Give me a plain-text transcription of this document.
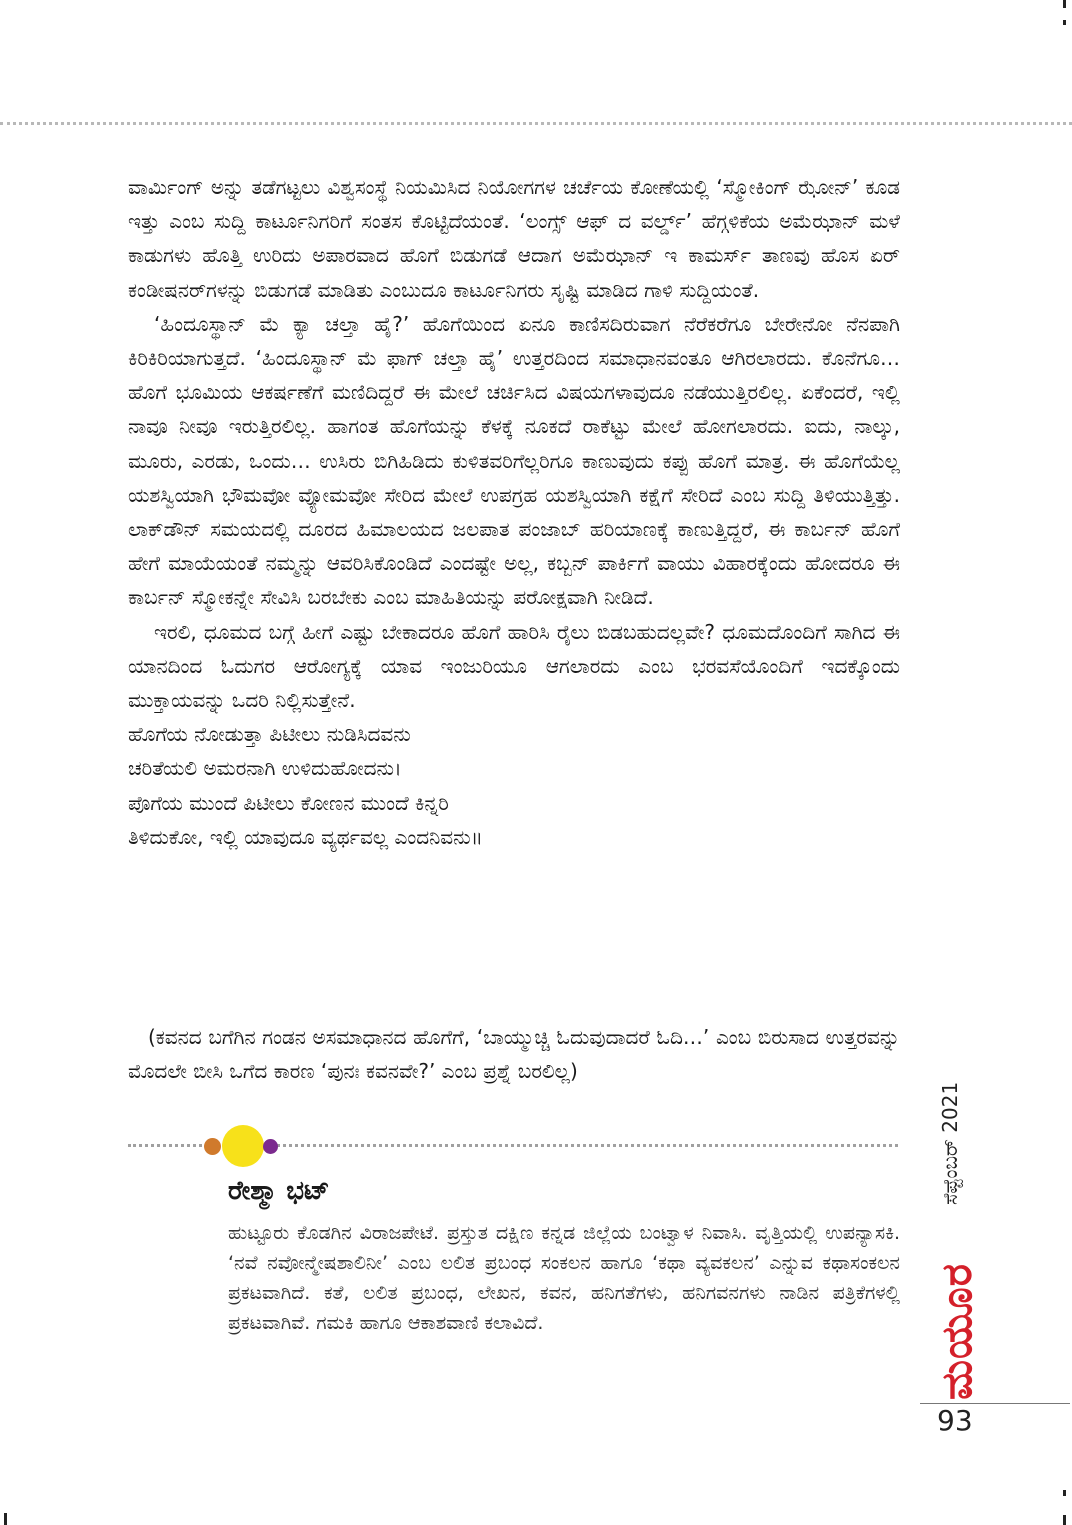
ವಾರ್ಮಿಂಗ್ ಅನ್ನು ತಡೆಗಟ್ಟಲು ವಿಶ್ವಸಂಸ್ಥೆ ನಿಯಮಿಸಿದ ನಿಯೋಗಗಳ ಚರ್ಚೆಯ ಕೋಣೆಯಲ್ಲಿ ‘ಸ್ಮೋಕಿಂಗ್ ಝೋನ್’ ಕೂಡ ಇತ್ತು ಎಂಬ ಸುದ್ದಿ ಕಾರ್ಟೂನಿಗರಿಗೆ ಸಂತಸ ಕೊಟ್ಟಿದೆಯಂತೆ. ‘ಲಂಗ್ಸ್ ಆಫ್ ದ ವರ್ಲ್ಡ್’ ಹೆಗ್ಗಳಿಕೆಯ ಅಮೆಝಾನ್ ಮಳೆ ಕಾಡುಗಳು ಹೊತ್ತಿ ಉರಿದು ಅಪಾರವಾದ ಹೊಗೆ ಬಿಡುಗಡೆ ಆದಾಗ ಅಮೆಝಾನ್ ಇ ಕಾಮರ್ಸ್ ತಾಣವು ಹೊಸ ಏರ್ ಕಂಡೀಷನರ್‌ಗಳನ್ನು ಬಿಡುಗಡೆ ಮಾಡಿತು ಎಂಬುದೂ ಕಾರ್ಟೂನಿಗರು ಸೃಷ್ಟಿ ಮಾಡಿದ ಗಾಳಿ ಸುದ್ದಿಯಂತೆ.

‘ಹಿಂದೂಸ್ಥಾನ್ ಮೆ ಕ್ಯಾ ಚಲ್ತಾ ಹೈ?’ ಹೊಗೆಯಿಂದ ಏನೂ ಕಾಣಿಸದಿರುವಾಗ ನೆರೆಕರೆಗೂ ಬೇರೇನೋ ನೆನಪಾಗಿ ಕಿರಿಕಿರಿಯಾಗುತ್ತದೆ. ‘ಹಿಂದೂಸ್ಥಾನ್ ಮೆ ಫಾಗ್ ಚಲ್ತಾ ಹೈ’ ಉತ್ತರದಿಂದ ಸಮಾಧಾನವಂತೂ ಆಗಿರಲಾರದು. ಕೊನೆಗೂ… ಹೊಗೆ ಭೂಮಿಯ ಆಕರ್ಷಣೆಗೆ ಮಣಿದಿದ್ದರೆ ಈ ಮೇಲೆ ಚರ್ಚಿಸಿದ ವಿಷಯಗಳಾವುದೂ ನಡೆಯುತ್ತಿರಲಿಲ್ಲ. ಏಕೆಂದರೆ, ಇಲ್ಲಿ ನಾವೂ ನೀವೂ ಇರುತ್ತಿರಲಿಲ್ಲ. ಹಾಗಂತ ಹೊಗೆಯನ್ನು ಕೆಳಕ್ಕೆ ನೂಕದೆ ರಾಕೆಟ್ಟು ಮೇಲೆ ಹೋಗಲಾರದು. ಐದು, ನಾಲ್ಕು, ಮೂರು, ಎರಡು, ಒಂದು… ಉಸಿರು ಬಿಗಿಹಿಡಿದು ಕುಳಿತವರಿಗೆಲ್ಲರಿಗೂ ಕಾಣುವುದು ಕಪ್ಪು ಹೊಗೆ ಮಾತ್ರ. ಈ ಹೊಗೆಯೆಲ್ಲ ಯಶಸ್ವಿಯಾಗಿ ಭೌಮವೋ ವ್ಯೋಮವೋ ಸೇರಿದ ಮೇಲೆ ಉಪಗ್ರಹ ಯಶಸ್ವಿಯಾಗಿ ಕಕ್ಷೆಗೆ ಸೇರಿದೆ ಎಂಬ ಸುದ್ದಿ ತಿಳಿಯುತ್ತಿತ್ತು. ಲಾಕ್‌ಡೌನ್ ಸಮಯದಲ್ಲಿ ದೂರದ ಹಿಮಾಲಯದ ಜಲಪಾತ ಪಂಜಾಬ್ ಹರಿಯಾಣಕ್ಕೆ ಕಾಣುತ್ತಿದ್ದರೆ, ಈ ಕಾರ್ಬನ್ ಹೊಗೆ ಹೇಗೆ ಮಾಯೆಯಂತೆ ನಮ್ಮನ್ನು ಆವರಿಸಿಕೊಂಡಿದೆ ಎಂದಷ್ಟೇ ಅಲ್ಲ, ಕಬ್ಬನ್ ಪಾರ್ಕಿಗೆ ವಾಯು ವಿಹಾರಕ್ಕೆಂದು ಹೋದರೂ ಈ ಕಾರ್ಬನ್ ಸ್ಮೋಕನ್ನೇ ಸೇವಿಸಿ ಬರಬೇಕು ಎಂಬ ಮಾಹಿತಿಯನ್ನು ಪರೋಕ್ಷವಾಗಿ ನೀಡಿದೆ.

ಇರಲಿ, ಧೂಮದ ಬಗ್ಗೆ ಹೀಗೆ ಎಷ್ಟು ಬೇಕಾದರೂ ಹೊಗೆ ಹಾರಿಸಿ ರೈಲು ಬಿಡಬಹುದಲ್ಲವೇ? ಧೂಮದೊಂದಿಗೆ ಸಾಗಿದ ಈ ಯಾನದಿಂದ ಓದುಗರ ಆರೋಗ್ಯಕ್ಕೆ ಯಾವ ಇಂಜುರಿಯೂ ಆಗಲಾರದು ಎಂಬ ಭರವಸೆಯೊಂದಿಗೆ ಇದಕ್ಕೊಂದು ಮುಕ್ತಾಯವನ್ನು ಒದರಿ ನಿಲ್ಲಿಸುತ್ತೇನೆ.

ಹೊಗೆಯ ನೋಡುತ್ತಾ ಪಿಟೀಲು ನುಡಿಸಿದವನು
ಚರಿತೆಯಲಿ ಅಮರನಾಗಿ ಉಳಿದುಹೋದನು।
ಪೊಗೆಯ ಮುಂದೆ ಪಿಟೀಲು ಕೋಣನ ಮುಂದೆ ಕಿನ್ನರಿ
ತಿಳಿದುಕೋ, ಇಲ್ಲಿ ಯಾವುದೂ ವ್ಯರ್ಥವಲ್ಲ ಎಂದನಿವನು॥

(ಕವನದ ಬಗೆಗಿನ ಗಂಡನ ಅಸಮಾಧಾನದ ಹೊಗೆಗೆ, ‘ಬಾಯ್ಮುಚ್ಚಿ ಓದುವುದಾದರೆ ಓದಿ…’ ಎಂಬ ಬಿರುಸಾದ ಉತ್ತರವನ್ನು ಮೊದಲೇ ಬೀಸಿ ಒಗೆದ ಕಾರಣ ‘ಪುನಃ ಕವನವೇ?’ ಎಂಬ ಪ್ರಶ್ನೆ ಬರಲಿಲ್ಲ)

ರೇಶ್ಮಾ ಭಟ್

ಹುಟ್ಟೂರು ಕೊಡಗಿನ ವಿರಾಜಪೇಟೆ. ಪ್ರಸ್ತುತ ದಕ್ಷಿಣ ಕನ್ನಡ ಜಿಲ್ಲೆಯ ಬಂಟ್ವಾಳ ನಿವಾಸಿ. ವೃತ್ತಿಯಲ್ಲಿ ಉಪನ್ಯಾಸಕಿ. ‘ನವೆ ನವೋನ್ಮೇಷಶಾಲಿನೀ’ ಎಂಬ ಲಲಿತ ಪ್ರಬಂಧ ಸಂಕಲನ ಹಾಗೂ ‘ಕಥಾ ವ್ಯವಕಲನ’ ಎನ್ನುವ ಕಥಾಸಂಕಲನ ಪ್ರಕಟವಾಗಿದೆ. ಕತೆ, ಲಲಿತ ಪ್ರಬಂಧ, ಲೇಖನ, ಕವನ, ಹನಿಗತೆಗಳು, ಹನಿಗವನಗಳು ನಾಡಿನ ಪತ್ರಿಕೆಗಳಲ್ಲಿ ಪ್ರಕಟವಾಗಿವೆ. ಗಮಕಿ ಹಾಗೂ ಆಕಾಶವಾಣಿ ಕಲಾವಿದೆ.

ಸೆಪ್ಟೆಂಬರ್ 2021
ಮಯೂರ
93
